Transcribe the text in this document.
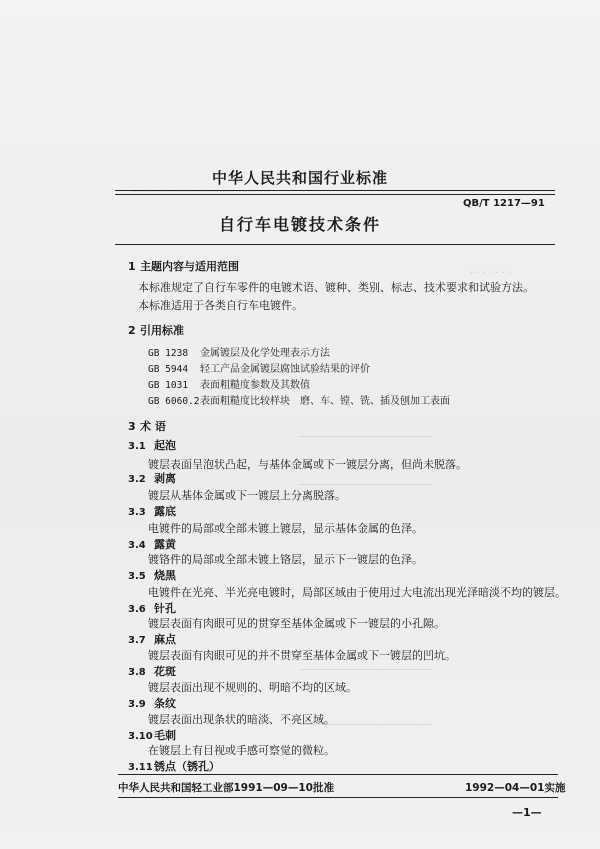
············································
· · · · · · ·
┄┄┄┄┄┄┄┄┄┄┄┄┄┄┄┄┄┄┄┄┄┄
┄┄┄┄┄┄┄┄┄┄┄┄┄┄┄┄┄┄┄┄┄┄
┄┄┄┄┄┄┄┄┄┄┄┄┄┄┄┄┄┄┄┄┄┄
┄┄┄┄┄┄┄┄┄┄┄┄┄┄┄┄┄┄┄┄┄┄
中华人民共和国行业标准
QB/T 1217—91
自行车电镀技术条件
1 主题内容与适用范围
本标准规定了自行车零件的电镀术语、镀种、类别、标志、技术要求和试验方法。
本标准适用于各类自行车电镀件。
2 引用标准
GB 1238 金属镀层及化学处理表示方法
GB 5944 轻工产品金属镀层腐蚀试验结果的评价
GB 1031 表面粗糙度参数及其数值
GB 6060.2表面粗糙度比较样块　磨、车、镗、铣、插及刨加工表面
3 术 语
3.1 起泡
镀层表面呈泡状凸起，与基体金属或下一镀层分离，但尚未脱落。
3.2 剥离
镀层从基体金属或下一镀层上分离脱落。
3.3 露底
电镀件的局部或全部未镀上镀层，显示基体金属的色泽。
3.4 露黄
镀铬件的局部或全部未镀上铬层，显示下一镀层的色泽。
3.5 烧黑
电镀件在光亮、半光亮电镀时，局部区域由于使用过大电流出现光泽暗淡不均的镀层。
3.6 针孔
镀层表面有肉眼可见的贯穿至基体金属或下一镀层的小孔隙。
3.7 麻点
镀层表面有肉眼可见的并不贯穿至基体金属或下一镀层的凹坑。
3.8 花斑
镀层表面出现不规则的、明暗不均的区域。
3.9 条纹
镀层表面出现条状的暗淡、不亮区域。
3.10毛刺
在镀层上有目视或手感可察觉的微粒。
3.11锈点（锈孔）
中华人民共和国轻工业部1991—09—10批准	1992—04—01实施
—1—
